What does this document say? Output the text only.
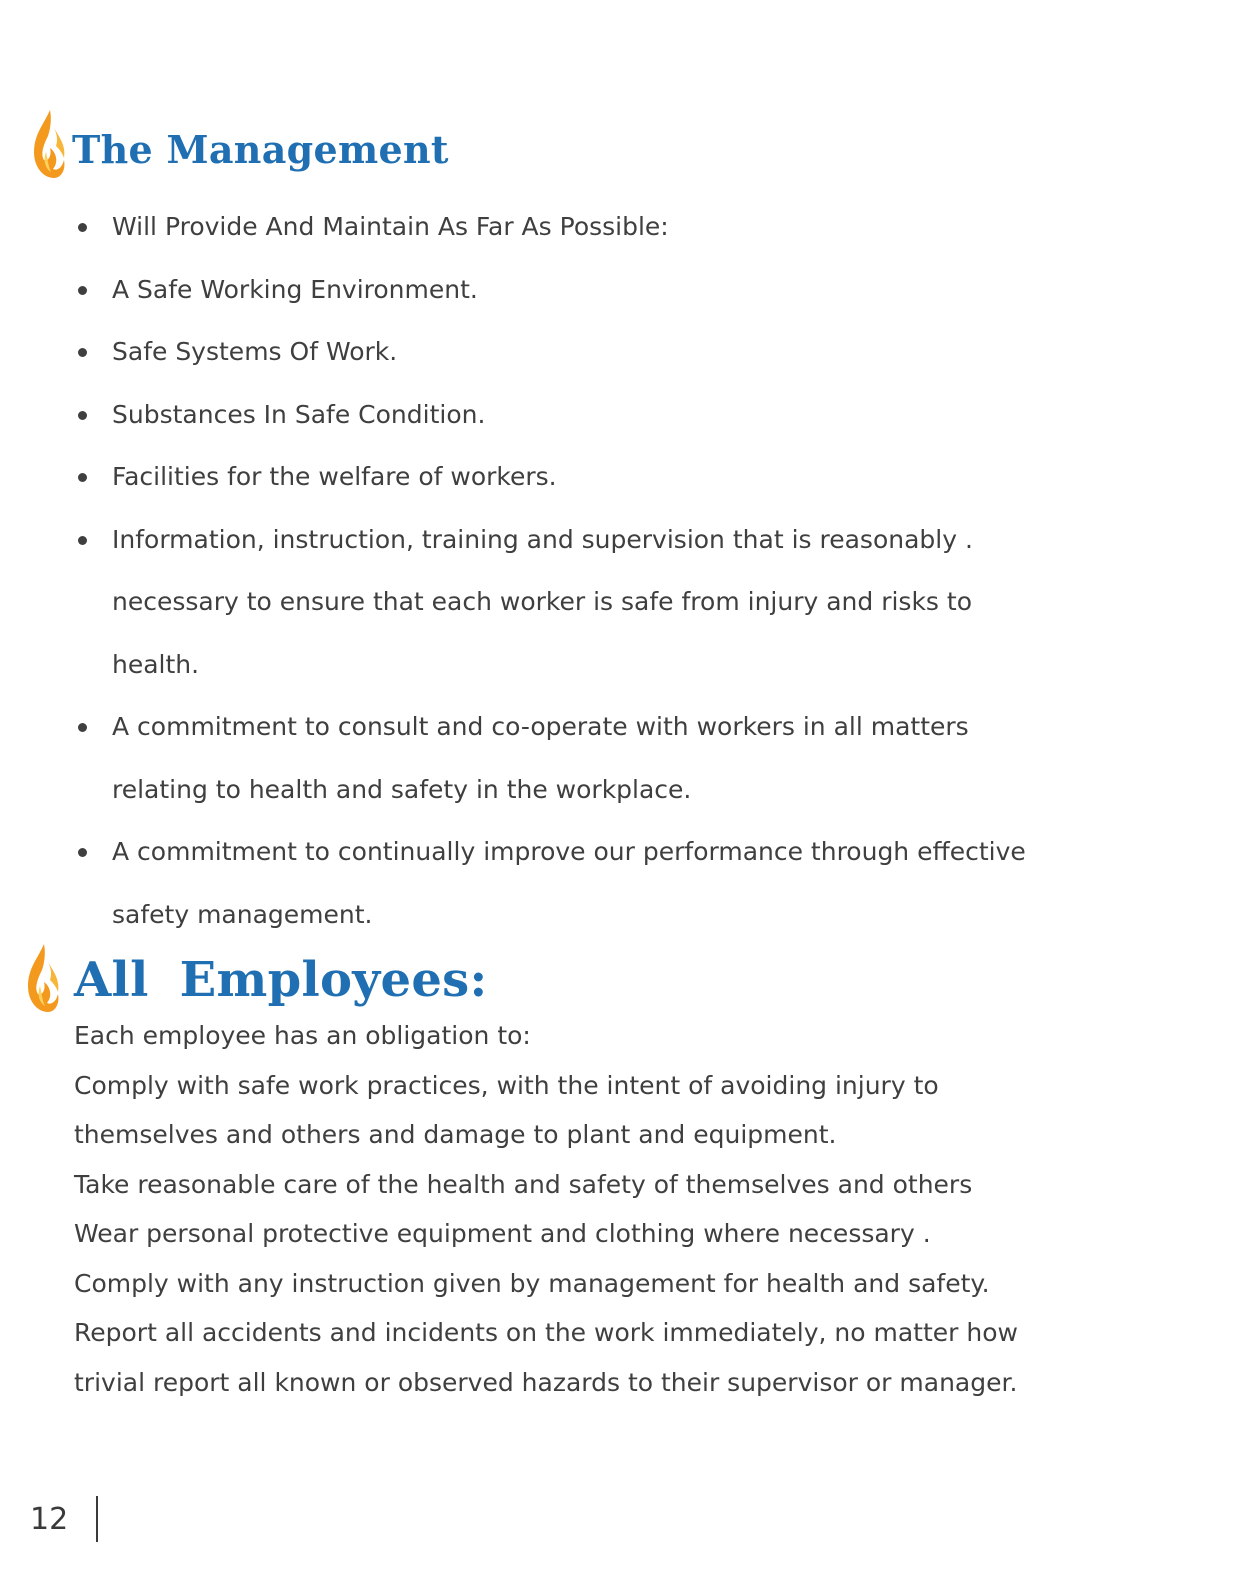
The Management
Will Provide And Maintain As Far As Possible:
A Safe Working Environment.
Safe Systems Of Work.
Substances In Safe Condition.
Facilities for the welfare of workers.
Information, instruction, training and supervision that is reasonably .
necessary to ensure that each worker is safe from injury and risks to
health.
A commitment to consult and co-operate with workers in all matters
relating to health and safety in the workplace.
A commitment to continually improve our performance through effective
safety management.
All Employees:
Each employee has an obligation to:
Comply with safe work practices, with the intent of avoiding injury to
themselves and others and damage to plant and equipment.
Take reasonable care of the health and safety of themselves and others
Wear personal protective equipment and clothing where necessary .
Comply with any instruction given by management for health and safety.
Report all accidents and incidents on the work immediately, no matter how
trivial report all known or observed hazards to their supervisor or manager.
12
